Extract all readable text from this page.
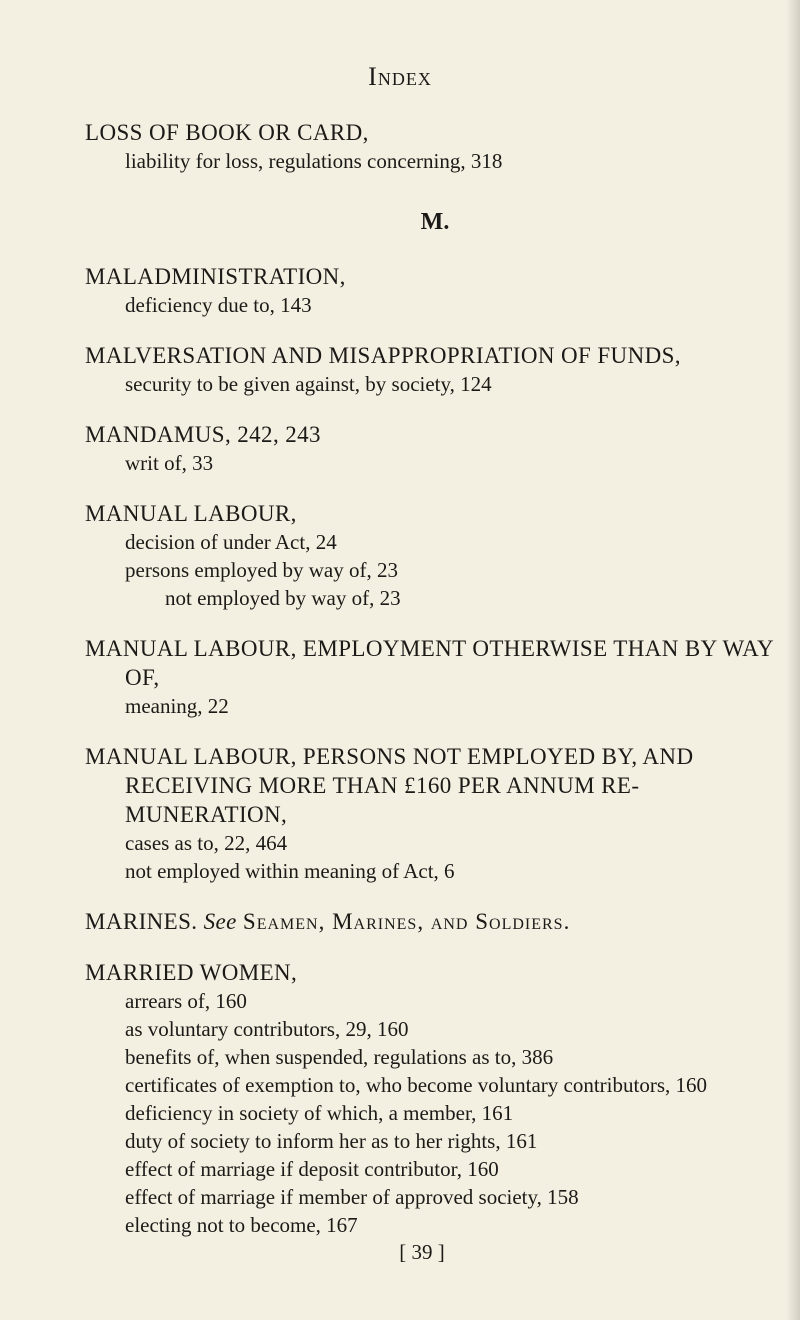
Index
LOSS OF BOOK OR CARD,
liability for loss, regulations concerning, 318
M.
MALADMINISTRATION,
deficiency due to, 143
MALVERSATION AND MISAPPROPRIATION OF FUNDS,
security to be given against, by society, 124
MANDAMUS, 242, 243
writ of, 33
MANUAL LABOUR,
decision of under Act, 24
persons employed by way of, 23
not employed by way of, 23
MANUAL LABOUR, EMPLOYMENT OTHERWISE THAN BY WAY OF,
meaning, 22
MANUAL LABOUR, PERSONS NOT EMPLOYED BY, AND RECEIVING MORE THAN £160 PER ANNUM RE-MUNERATION,
cases as to, 22, 464
not employed within meaning of Act, 6
MARINES. See Seamen, Marines, and Soldiers.
MARRIED WOMEN,
arrears of, 160
as voluntary contributors, 29, 160
benefits of, when suspended, regulations as to, 386
certificates of exemption to, who become voluntary contributors, 160
deficiency in society of which, a member, 161
duty of society to inform her as to her rights, 161
effect of marriage if deposit contributor, 160
effect of marriage if member of approved society, 158
electing not to become, 167
[ 39 ]
